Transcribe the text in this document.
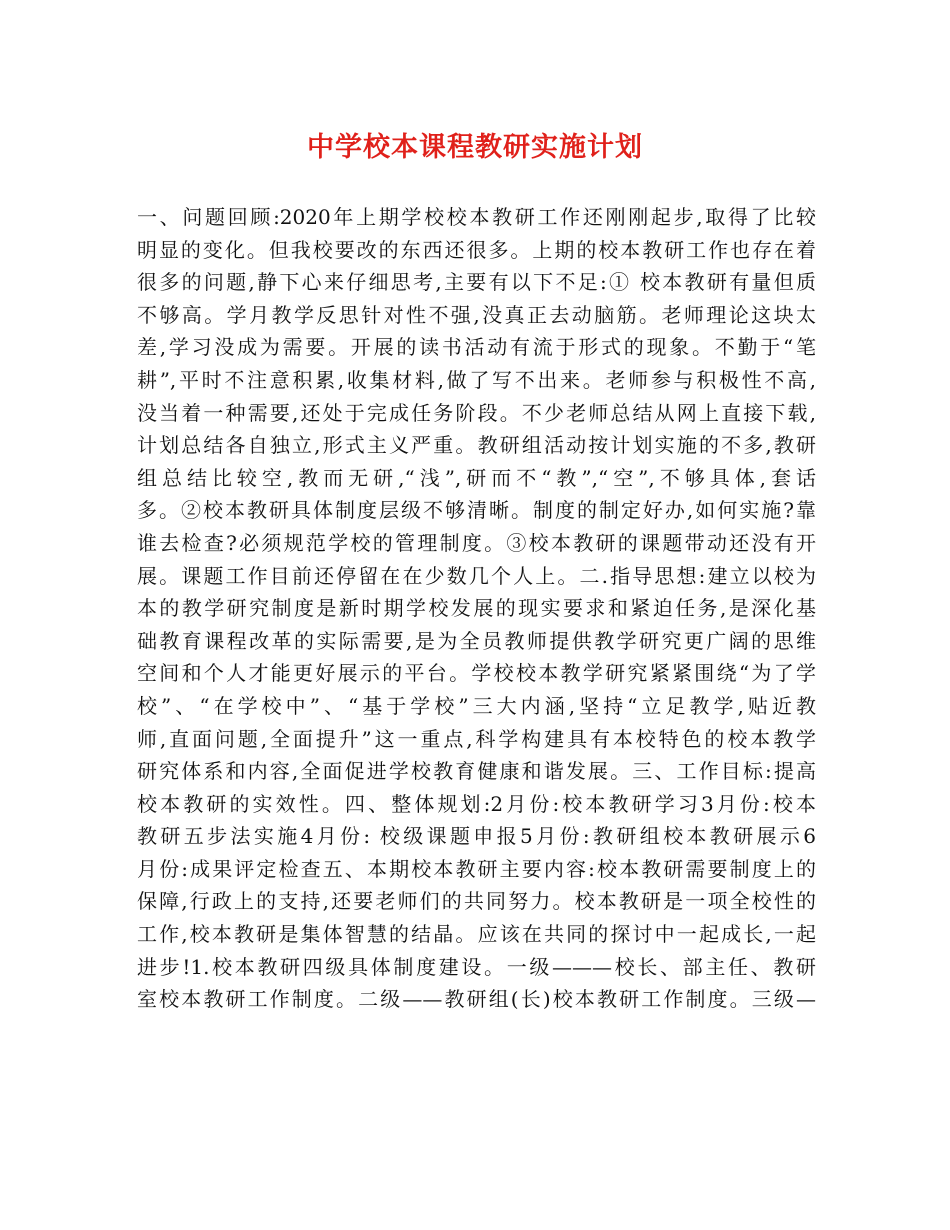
中学校本课程教研实施计划
一、问题回顾:2020年上期学校校本教研工作还刚刚起步,取得了比较
明显的变化。但我校要改的东西还很多。上期的校本教研工作也存在着
很多的问题,静下心来仔细思考,主要有以下不足:① 校本教研有量但质
不够高。学月教学反思针对性不强,没真正去动脑筋。老师理论这块太
差,学习没成为需要。开展的读书活动有流于形式的现象。不勤于“笔
耕”,平时不注意积累,收集材料,做了写不出来。老师参与积极性不高,
没当着一种需要,还处于完成任务阶段。不少老师总结从网上直接下载,
计划总结各自独立,形式主义严重。教研组活动按计划实施的不多,教研
组总结比较空,教而无研,“浅”,研而不“教”,“空”,不够具体,套话
多。②校本教研具体制度层级不够清晰。制度的制定好办,如何实施?靠
谁去检查?必须规范学校的管理制度。③校本教研的课题带动还没有开
展。课题工作目前还停留在在少数几个人上。二.指导思想:建立以校为
本的教学研究制度是新时期学校发展的现实要求和紧迫任务,是深化基
础教育课程改革的实际需要,是为全员教师提供教学研究更广阔的思维
空间和个人才能更好展示的平台。学校校本教学研究紧紧围绕“为了学
校”、“在学校中”、“基于学校”三大内涵,坚持“立足教学,贴近教
师,直面问题,全面提升”这一重点,科学构建具有本校特色的校本教学
研究体系和内容,全面促进学校教育健康和谐发展。三、工作目标:提高
校本教研的实效性。四、整体规划:2月份:校本教研学习3月份:校本
教研五步法实施4月份: 校级课题申报5月份:教研组校本教研展示6
月份:成果评定检查五、本期校本教研主要内容:校本教研需要制度上的
保障,行政上的支持,还要老师们的共同努力。校本教研是一项全校性的
工作,校本教研是集体智慧的结晶。应该在共同的探讨中一起成长,一起
进步!1.校本教研四级具体制度建设。一级———校长、部主任、教研
室校本教研工作制度。二级——教研组(长)校本教研工作制度。三级—
